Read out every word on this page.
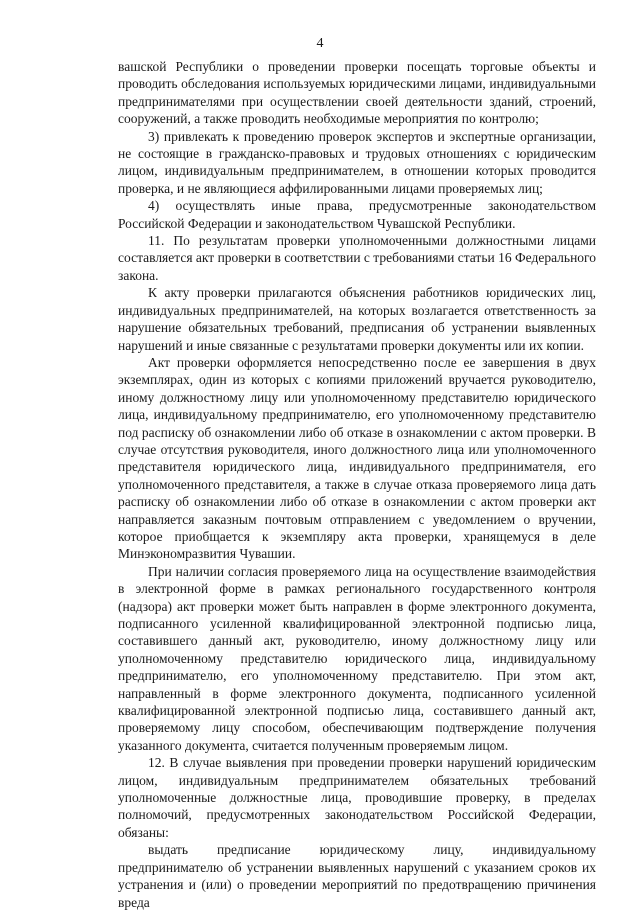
4

вашской Республики о проведении проверки посещать торговые объекты и проводить обследования используемых юридическими лицами, индивидуальными предпринимателями при осуществлении своей деятельности зданий, строений, сооружений, а также проводить необходимые мероприятия по контролю;

3) привлекать к проведению проверок экспертов и экспертные организации, не состоящие в гражданско-правовых и трудовых отношениях с юридическим лицом, индивидуальным предпринимателем, в отношении которых проводится проверка, и не являющиеся аффилированными лицами проверяемых лиц;

4) осуществлять иные права, предусмотренные законодательством Российской Федерации и законодательством Чувашской Республики.

11. По результатам проверки уполномоченными должностными лицами составляется акт проверки в соответствии с требованиями статьи 16 Федерального закона.

К акту проверки прилагаются объяснения работников юридических лиц, индивидуальных предпринимателей, на которых возлагается ответственность за нарушение обязательных требований, предписания об устранении выявленных нарушений и иные связанные с результатами проверки документы или их копии.

Акт проверки оформляется непосредственно после ее завершения в двух экземплярах, один из которых с копиями приложений вручается руководителю, иному должностному лицу или уполномоченному представителю юридического лица, индивидуальному предпринимателю, его уполномоченному представителю под расписку об ознакомлении либо об отказе в ознакомлении с актом проверки. В случае отсутствия руководителя, иного должностного лица или уполномоченного представителя юридического лица, индивидуального предпринимателя, его уполномоченного представителя, а также в случае отказа проверяемого лица дать расписку об ознакомлении либо об отказе в ознакомлении с актом проверки акт направляется заказным почтовым отправлением с уведомлением о вручении, которое приобщается к экземпляру акта проверки, хранящемуся в деле Минэкономразвития Чувашии.

При наличии согласия проверяемого лица на осуществление взаимодействия в электронной форме в рамках регионального государственного контроля (надзора) акт проверки может быть направлен в форме электронного документа, подписанного усиленной квалифицированной электронной подписью лица, составившего данный акт, руководителю, иному должностному лицу или уполномоченному представителю юридического лица, индивидуальному предпринимателю, его уполномоченному представителю. При этом акт, направленный в форме электронного документа, подписанного усиленной квалифицированной электронной подписью лица, составившего данный акт, проверяемому лицу способом, обеспечивающим подтверждение получения указанного документа, считается полученным проверяемым лицом.

12. В случае выявления при проведении проверки нарушений юридическим лицом, индивидуальным предпринимателем обязательных требований уполномоченные должностные лица, проводившие проверку, в пределах полномочий, предусмотренных законодательством Российской Федерации, обязаны:

выдать предписание юридическому лицу, индивидуальному предпринимателю об устранении выявленных нарушений с указанием сроков их устранения и (или) о проведении мероприятий по предотвращению причинения вреда
